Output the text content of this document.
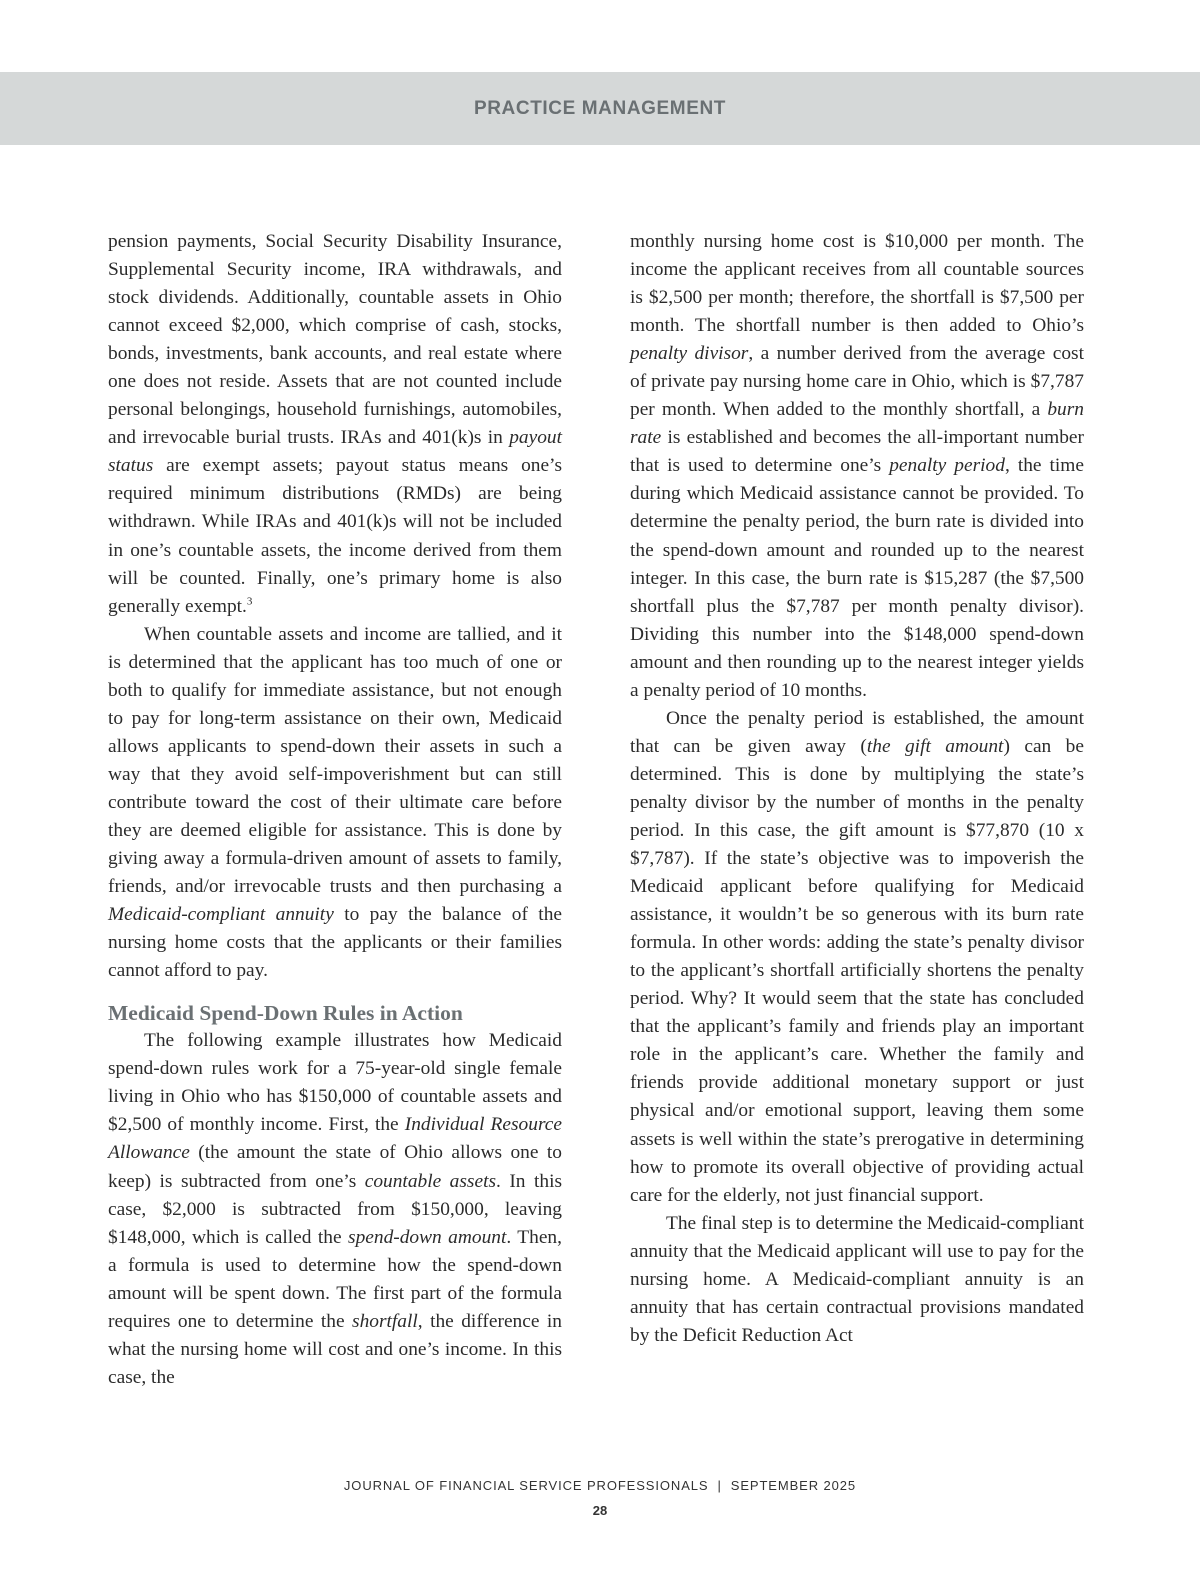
PRACTICE MANAGEMENT

pension payments, Social Security Disability Insurance, Supplemental Security income, IRA withdrawals, and stock dividends. Additionally, countable assets in Ohio cannot exceed $2,000, which comprise of cash, stocks, bonds, investments, bank accounts, and real estate where one does not reside. Assets that are not counted include personal belongings, household furnishings, automobiles, and irrevocable burial trusts. IRAs and 401(k)s in payout status are exempt assets; payout status means one’s required minimum distributions (RMDs) are being withdrawn. While IRAs and 401(k)s will not be included in one’s countable assets, the income derived from them will be counted. Finally, one’s primary home is also generally exempt.$^3$

When countable assets and income are tallied, and it is determined that the applicant has too much of one or both to qualify for immediate assistance, but not enough to pay for long-term assistance on their own, Medicaid allows applicants to spend-down their assets in such a way that they avoid self-impoverishment but can still contribute toward the cost of their ultimate care before they are deemed eligible for assistance. This is done by giving away a formula-driven amount of assets to family, friends, and/or irrevocable trusts and then purchasing a Medicaid-compliant annuity to pay the balance of the nursing home costs that the applicants or their families cannot afford to pay.

Medicaid Spend-Down Rules in Action

The following example illustrates how Medicaid spend-down rules work for a 75-year-old single female living in Ohio who has $150,000 of countable assets and $2,500 of monthly income. First, the Individual Resource Allowance (the amount the state of Ohio allows one to keep) is subtracted from one’s countable assets. In this case, $2,000 is subtracted from $150,000, leaving $148,000, which is called the spend-down amount. Then, a formula is used to determine how the spend-down amount will be spent down. The first part of the formula requires one to determine the shortfall, the difference in what the nursing home will cost and one’s income. In this case, the

monthly nursing home cost is $10,000 per month. The income the applicant receives from all countable sources is $2,500 per month; therefore, the shortfall is $7,500 per month. The shortfall number is then added to Ohio’s penalty divisor, a number derived from the average cost of private pay nursing home care in Ohio, which is $7,787 per month. When added to the monthly shortfall, a burn rate is established and becomes the all-important number that is used to determine one’s penalty period, the time during which Medicaid assistance cannot be provided. To determine the penalty period, the burn rate is divided into the spend-down amount and rounded up to the nearest integer. In this case, the burn rate is $15,287 (the $7,500 shortfall plus the $7,787 per month penalty divisor). Dividing this number into the $148,000 spend-down amount and then rounding up to the nearest integer yields a penalty period of 10 months.

Once the penalty period is established, the amount that can be given away (the gift amount) can be determined. This is done by multiplying the state’s penalty divisor by the number of months in the penalty period. In this case, the gift amount is $77,870 (10 x $7,787). If the state’s objective was to impoverish the Medicaid applicant before qualifying for Medicaid assistance, it wouldn’t be so generous with its burn rate formula. In other words: adding the state’s penalty divisor to the applicant’s shortfall artificially shortens the penalty period. Why? It would seem that the state has concluded that the applicant’s family and friends play an important role in the applicant’s care. Whether the family and friends provide additional monetary support or just physical and/or emotional support, leaving them some assets is well within the state’s prerogative in determining how to promote its overall objective of providing actual care for the elderly, not just financial support.

The final step is to determine the Medicaid-compliant annuity that the Medicaid applicant will use to pay for the nursing home. A Medicaid-compliant annuity is an annuity that has certain contractual provisions mandated by the Deficit Reduction Act

JOURNAL OF FINANCIAL SERVICE PROFESSIONALS | SEPTEMBER 2025
28
